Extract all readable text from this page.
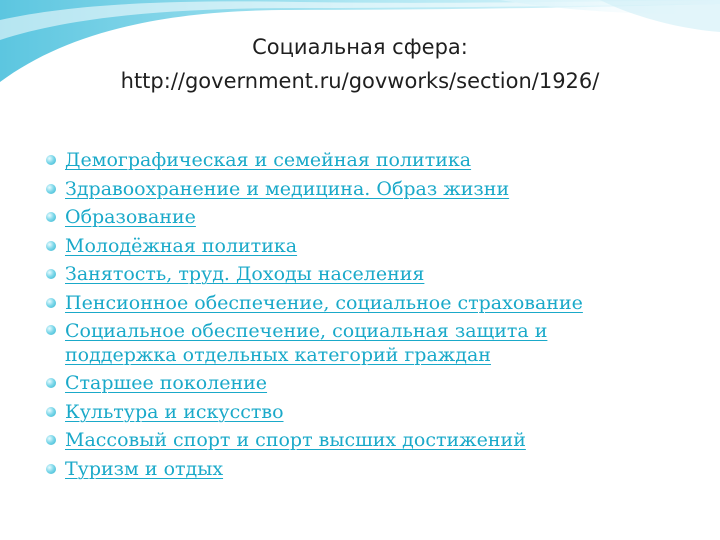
Социальная сфера:
http://government.ru/govworks/section/1926/
Демографическая и семейная политика
Здравоохранение и медицина. Образ жизни
Образование
Молодёжная политика
Занятость, труд. Доходы населения
Пенсионное обеспечение, социальное страхование
Социальное обеспечение, социальная защита и поддержка отдельных категорий граждан
Старшее поколение
Культура и искусство
Массовый спорт и спорт высших достижений
Туризм и отдых
